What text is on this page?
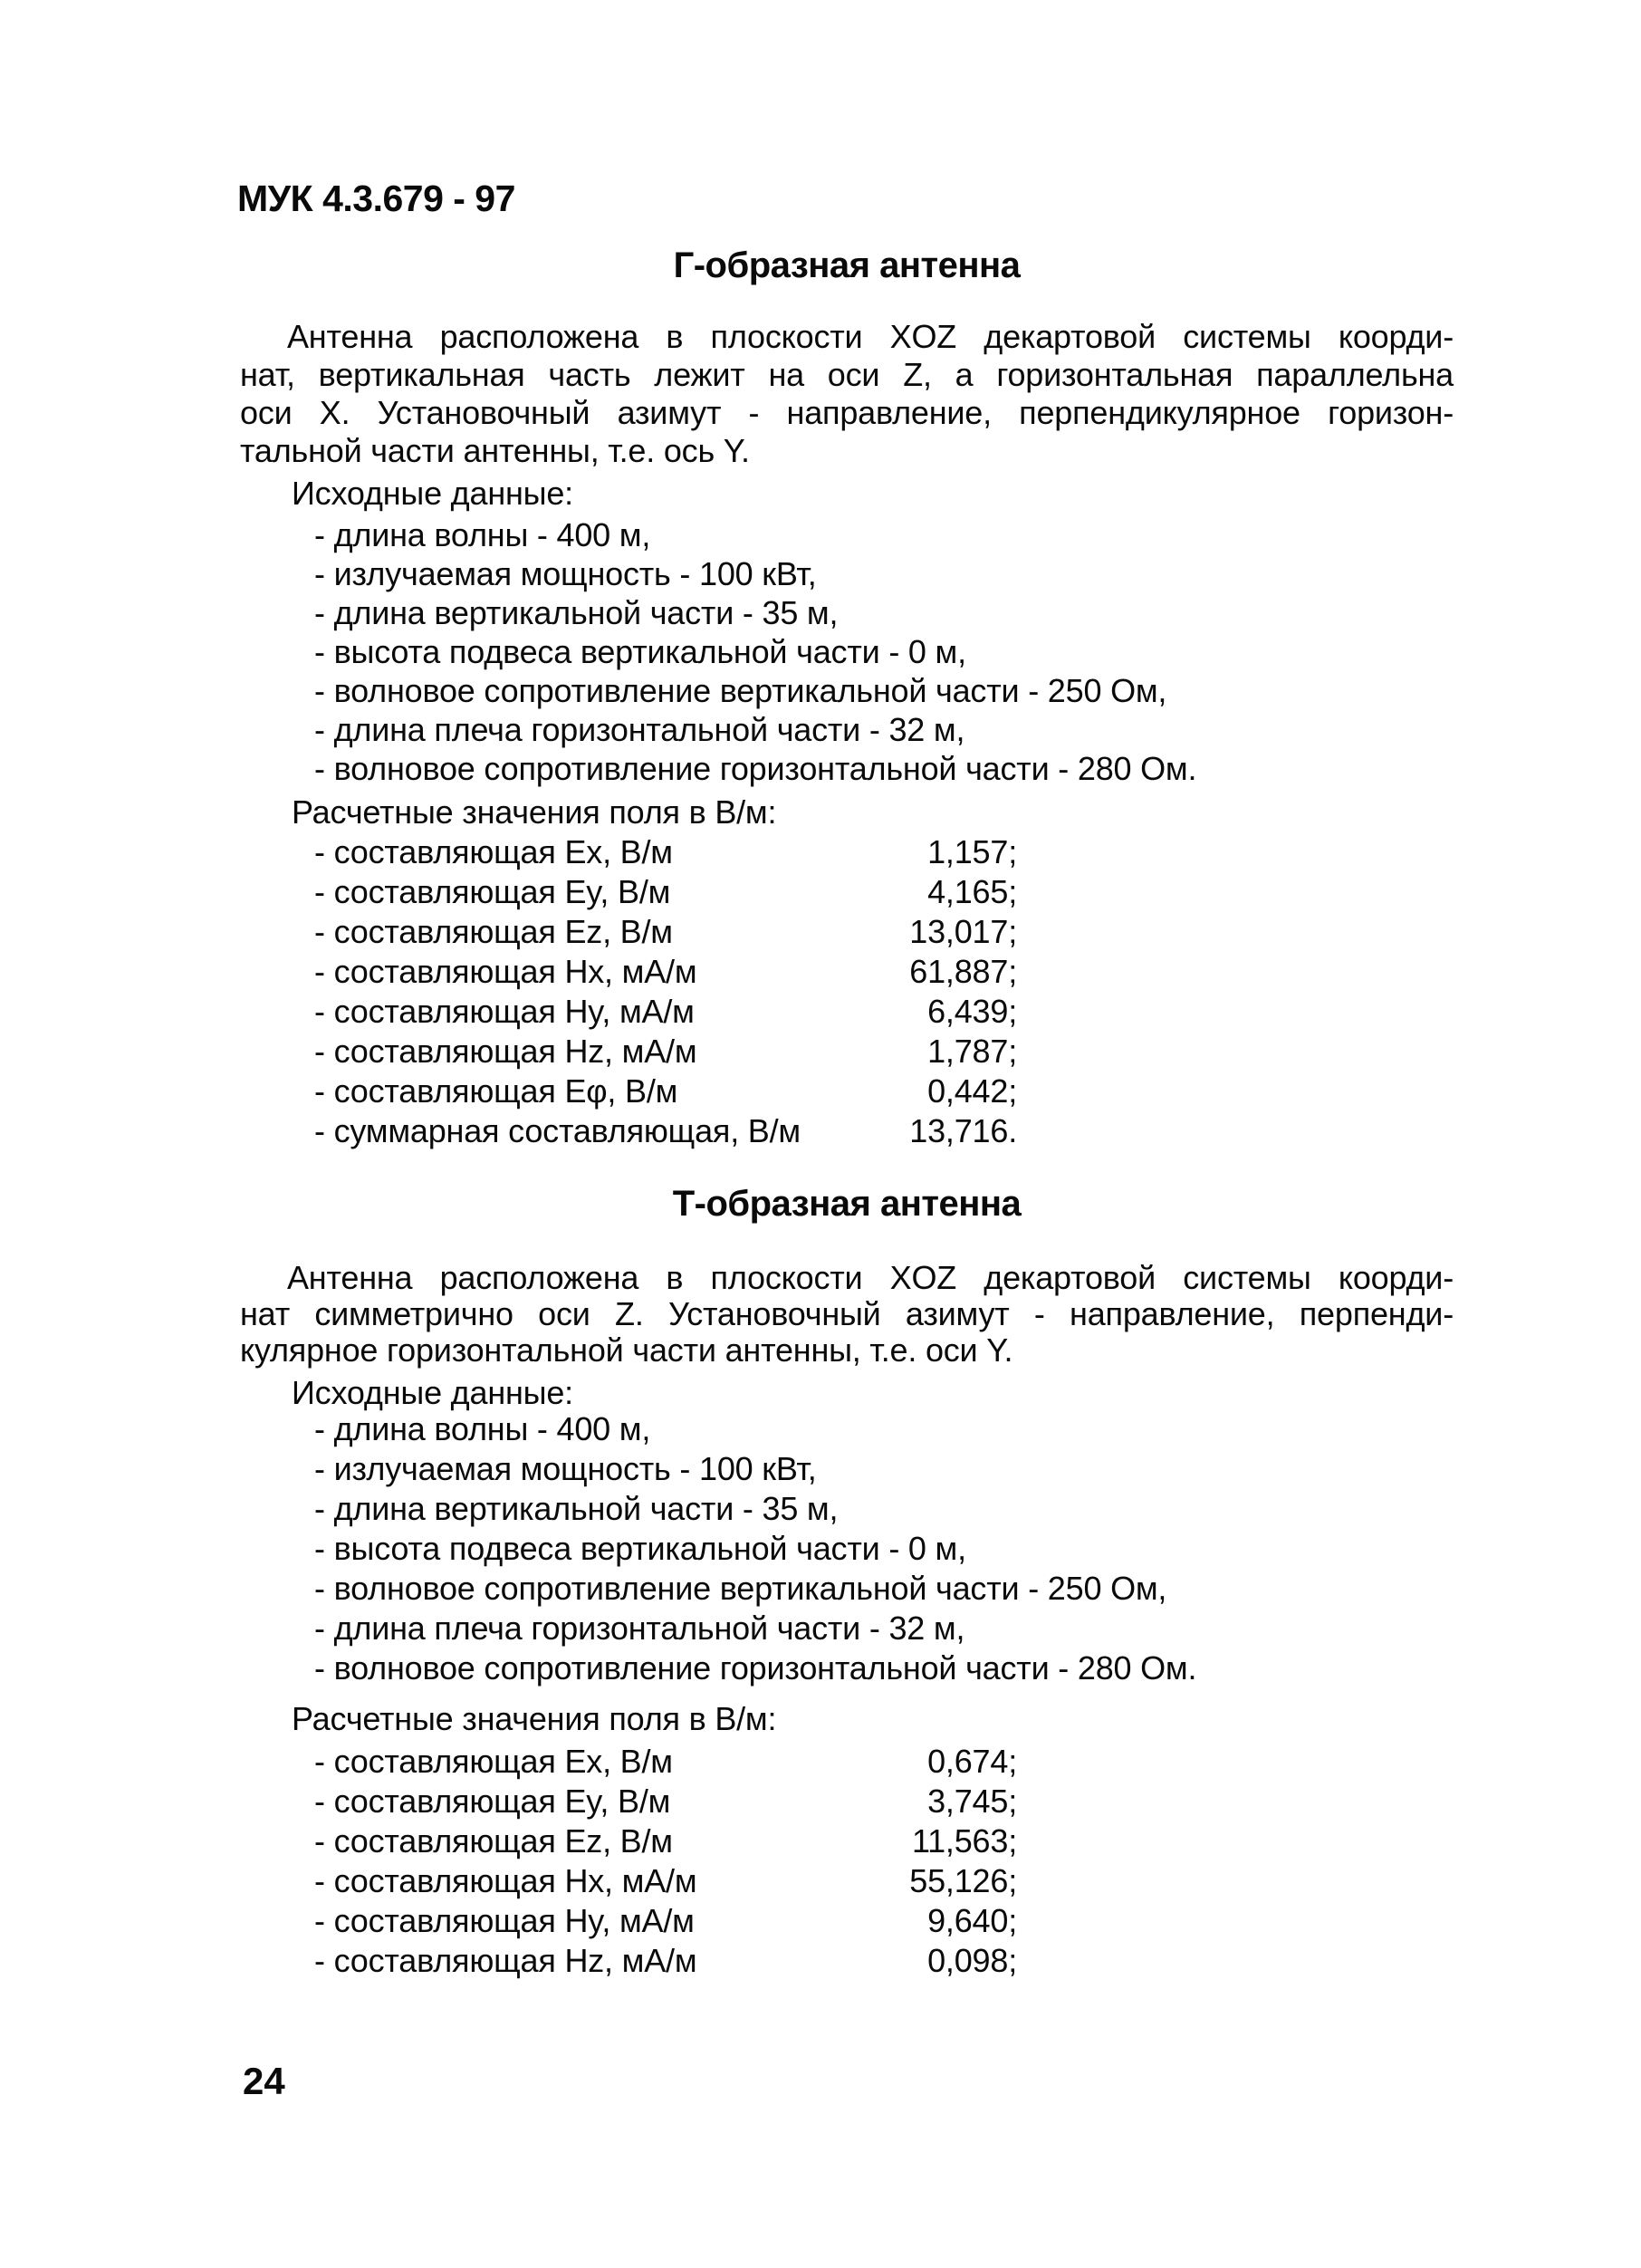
МУК 4.3.679 - 97
Г-образная антенна
Антенна расположена в плоскости XOZ декартовой системы коорди-
нат, вертикальная часть лежит на оси Z, а горизонтальная параллельна
оси X. Установочный азимут - направление, перпендикулярное горизон-
тальной части антенны, т.е. ось Y.
Исходные данные:
- длина волны - 400 м,
- излучаемая мощность - 100 кВт,
- длина вертикальной части - 35 м,
- высота подвеса вертикальной части - 0 м,
- волновое сопротивление вертикальной части - 250 Ом,
- длина плеча горизонтальной части - 32 м,
- волновое сопротивление горизонтальной части - 280 Ом.
Расчетные значения поля в В/м:
- составляющая Ex, В/м	1,157;
- составляющая Ey, В/м	4,165;
- составляющая Ez, В/м	13,017;
- составляющая Hx, мА/м	61,887;
- составляющая Hy, мА/м	6,439;
- составляющая Hz, мА/м	1,787;
- составляющая Eφ, В/м	0,442;
- суммарная составляющая, В/м	13,716.
Т-образная антенна
Антенна расположена в плоскости XOZ декартовой системы коорди-
нат симметрично оси Z. Установочный азимут - направление, перпенди-
кулярное горизонтальной части антенны, т.е. оси Y.
Исходные данные:
- длина волны - 400 м,
- излучаемая мощность - 100 кВт,
- длина вертикальной части - 35 м,
- высота подвеса вертикальной части - 0 м,
- волновое сопротивление вертикальной части - 250 Ом,
- длина плеча горизонтальной части - 32 м,
- волновое сопротивление горизонтальной части - 280 Ом.
Расчетные значения поля в В/м:
- составляющая Ex, В/м	0,674;
- составляющая Ey, В/м	3,745;
- составляющая Ez, В/м	11,563;
- составляющая Hx, мА/м	55,126;
- составляющая Hy, мА/м	9,640;
- составляющая Hz, мА/м	0,098;
24
